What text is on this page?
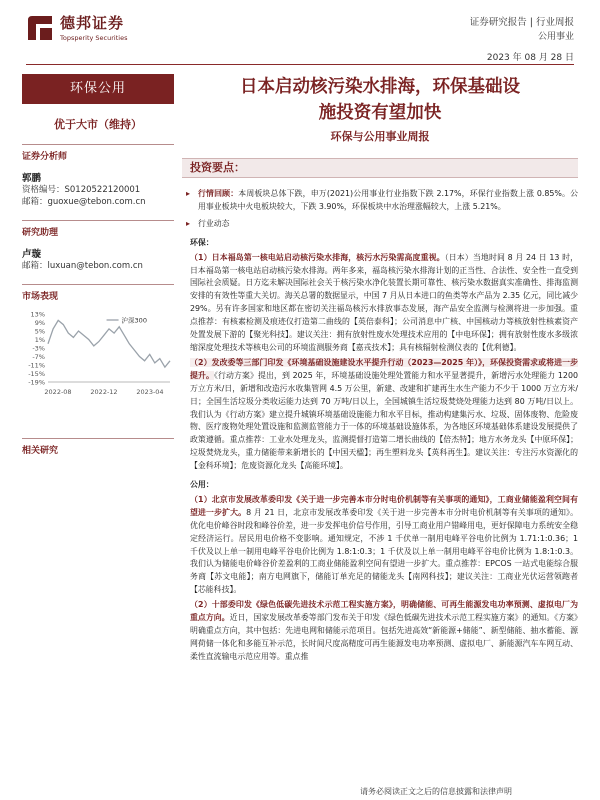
德邦证券
Topsperity Securities
证券研究报告 | 行业周报
公用事业
2023 年 08 月 28 日
环保公用
优于大市（维持）
证券分析师
郭鹏
资格编号：S0120522120001
邮箱：guoxue@tebon.com.cn
研究助理
卢璇
邮箱：luxuan@tebon.com.cn
市场表现
13%
9%
5%
1%
-3%
-7%
-11%
-15%
-19%
2022-08	2022-12	2023-04
沪深300
相关研究
日本启动核污染水排海，环保基础设
施投资有望加快
环保与公用事业周报
投资要点：
▸ 行情回顾：本周板块总体下跌，申万(2021)公用事业行业指数下跌 2.17%，环保行业指数上涨 0.85%。公用事业板块中火电板块较大，下跌 3.90%，环保板块中水治理涨幅较大，上涨 5.21%。
▸ 行业动态
环保：
（1）日本福岛第一核电站启动核污染水排海，核污水污染需高度重视。（日本）当地时间 8 月 24 日 13 时，日本福岛第一核电站启动核污染水排海。两年多来，福岛核污染水排海计划的正当性、合法性、安全性一直受到国际社会质疑。日方迄未解决国际社会关于核污染水净化装置长期可靠性、核污染水数据真实准确性、排海监测安排的有效性等重大关切。海关总署的数据显示，中国 7 月从日本进口的鱼类等水产品为 2.35 亿元，同比减少 29%。另有许多国家和地区都在密切关注福岛核污水排放事态发展，海产品安全监测与检测将进一步加强。重点推荐：有核素检测及痕迹仪打造第二曲线的【英倍泰科】；公司消息中广核、中国核动力等核放射性核素资产处置发展下游的【聚光科技】。建议关注：拥有放射性废水处理技术应用的【中电环保】；拥有放射性废水多级浓缩深度处理技术等核电公司的环境监测服务商【嘉戎技术】；具有核辐射检测仪表的【优利德】。
（2）发改委等三部门印发《环境基础设施建设水平提升行动（2023—2025 年）》，环保投资需求或将进一步提升。《行动方案》提出，到 2025 年，环境基础设施处理处置能力和水平显著提升，新增污水处理能力 1200 万立方米/日，新增和改造污水收集管网 4.5 万公里，新建、改建和扩建再生水生产能力不少于 1000 万立方米/日；全国生活垃圾分类收运能力达到 70 万吨/日以上，全国城镇生活垃圾焚烧处理能力达到 80 万吨/日以上。我们认为《行动方案》建立提升城镇环境基础设施能力和水平目标，推动构建集污水、垃圾、固体废物、危险废物、医疗废物处理处置设施和监测监管能力于一体的环境基础设施体系，为各地区环境基础体系建设发展提供了政策遵循。重点推荐：工业水处理龙头，监测提督打造第二增长曲线的【倍杰特】；地方水务龙头【中原环保】；垃圾焚烧龙头，重力储能带来新增长的【中国天楹】；再生塑料龙头【英科再生】。建议关注：专注污水资源化的【金科环境】；危废资源化龙头【高能环境】。
公用：
（1）北京市发展改革委印发《关于进一步完善本市分时电价机制等有关事项的通知》，工商业储能盈利空间有望进一步扩大。8 月 21 日，北京市发展改革委印发《关于进一步完善本市分时电价机制等有关事项的通知》。优化电价峰谷时段和峰谷价差，进一步发挥电价信号作用，引导工商业用户错峰用电，更好保障电力系统安全稳定经济运行。居民用电价格不变影响。通知规定，不涉 1 千伏单一制用电峰平谷电价比例为 1.71:1:0.36；1 千伏及以上单一制用电峰平谷电价比例为 1.8:1:0.3；1 千伏及以上单一制用电峰平谷电价比例为 1.8:1:0.3。我们认为储能电价峰谷价差盈利的工商业储能盈利空间有望进一步扩大。重点推荐：EPCOS 一站式电能综合服务商【苏文电能】；南方电网旗下，储能订单充足的储能龙头【南网科技】；建议关注：工商业光伏运营领跑者【芯能科技】。
（2）十部委印发《绿色低碳先进技术示范工程实施方案》，明确储能、可再生能源发电功率预测、虚拟电厂为重点方向。近日，国家发展改革委等部门发布关于印发《绿色低碳先进技术示范工程实施方案》的通知。《方案》明确重点方向，其中包括：先进电网和储能示范项目。包括先进高效“新能源+储能”、新型储能、抽水蓄能、源网荷储一体化和多能互补示范，长时间尺度高精度可再生能源发电功率预测、虚拟电厂、新能源汽车车网互动、柔性直流输电示范应用等。重点推
请务必阅读正文之后的信息披露和法律声明
